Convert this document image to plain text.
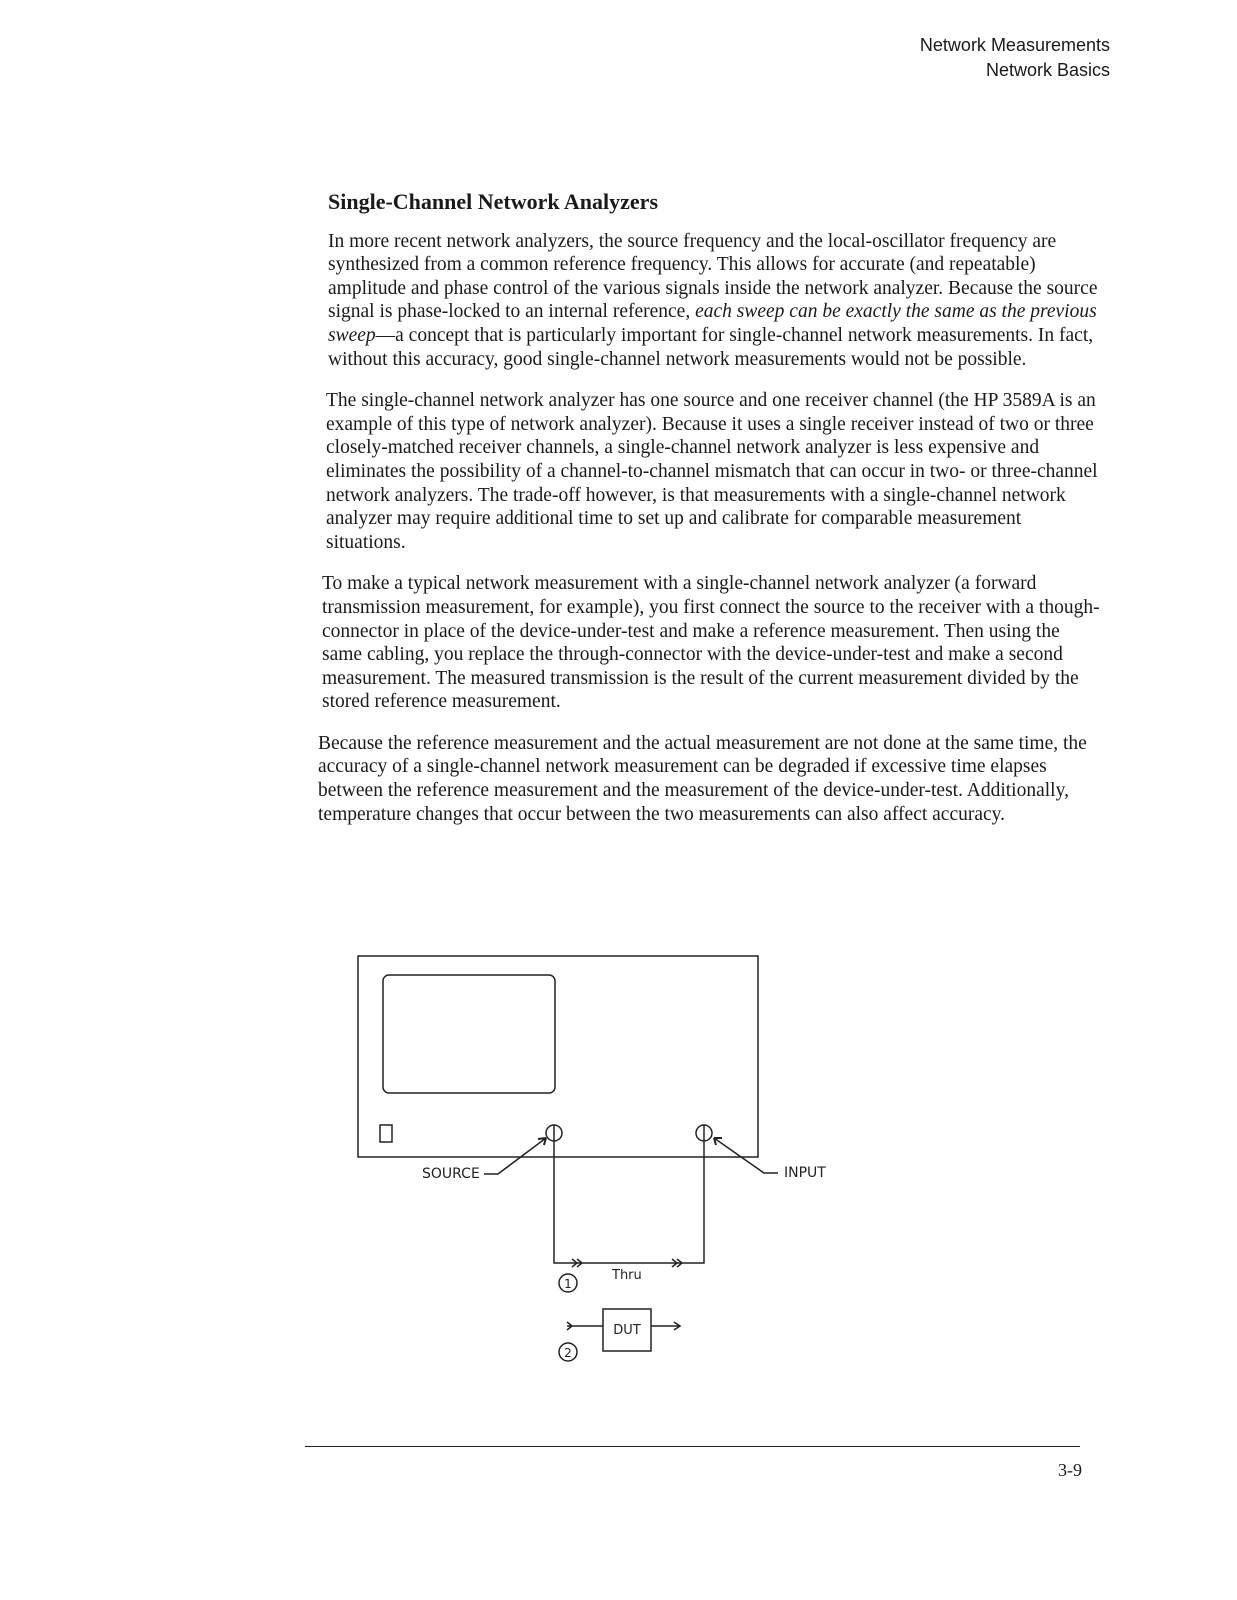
Network Measurements
Network Basics
Single-Channel Network Analyzers

In more recent network analyzers, the source frequency and the local-oscillator frequency are synthesized from a common reference frequency. This allows for accurate (and repeatable) amplitude and phase control of the various signals inside the network analyzer. Because the source signal is phase-locked to an internal reference, each sweep can be exactly the same as the previous sweep—a concept that is particularly important for single-channel network measurements. In fact, without this accuracy, good single-channel network measurements would not be possible.

The single-channel network analyzer has one source and one receiver channel (the HP 3589A is an example of this type of network analyzer). Because it uses a single receiver instead of two or three closely-matched receiver channels, a single-channel network analyzer is less expensive and eliminates the possibility of a channel-to-channel mismatch that can occur in two- or three-channel network analyzers. The trade-off however, is that measurements with a single-channel network analyzer may require additional time to set up and calibrate for comparable measurement situations.

To make a typical network measurement with a single-channel network analyzer (a forward transmission measurement, for example), you first connect the source to the receiver with a though-connector in place of the device-under-test and make a reference measurement. Then using the same cabling, you replace the through-connector with the device-under-test and make a second measurement. The measured transmission is the result of the current measurement divided by the stored reference measurement.

Because the reference measurement and the actual measurement are not done at the same time, the accuracy of a single-channel network measurement can be degraded if excessive time elapses between the reference measurement and the measurement of the device-under-test. Additionally, temperature changes that occur between the two measurements can also affect accuracy.

SOURCE	INPUT
Thru
DUT
1
2
3-9
